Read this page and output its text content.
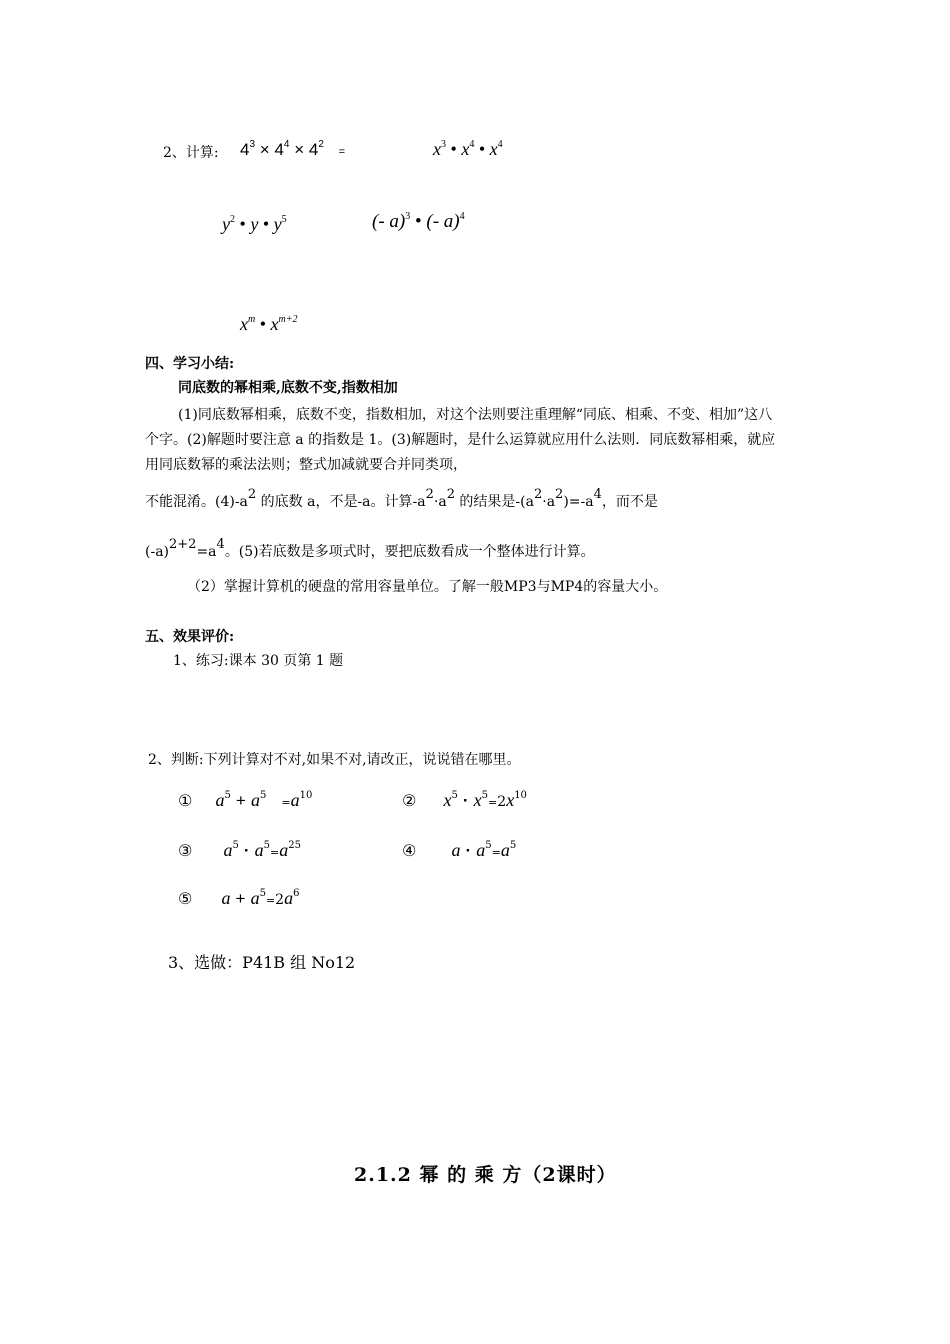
2、计算: $4^3 \times 4^4 \times 4^2$ =	$x^3$ • $x^4$ • $x^4$
$y^2$ • y • $y^5$	(- a)$^3$ • (- a)$^4$
$x^m$ • $x^{m+2}$
四、学习小结:
同底数的幂相乘,底数不变,指数相加
(1)同底数幂相乘，底数不变，指数相加，对这个法则要注重理解“同底、相乘、不变、相加”这八个字。(2)解题时要注意 a 的指数是 1。(3)解题时，是什么运算就应用什么法则．同底数幂相乘，就应用同底数幂的乘法法则；整式加减就要合并同类项，
不能混淆。$(4)-a^2$ 的底数 a，不是-a。计算$-a^2\cdot a^2$ 的结果是$-(a^2\cdot a^2)=-a^4$，而不是
$(-a)^{2+2}=a^4$。(5)若底数是多项式时，要把底数看成一个整体进行计算。
（2）掌握计算机的硬盘的常用容量单位。了解一般MP3与MP4的容量大小。
五、效果评价:
1、练习:课本 30 页第 1 题
2、判断:下列计算对不对,如果不对,请改正，说说错在哪里。
① $a^5 + a^5 =a^{10}$	② $x^5 \cdot x^5=2x^{10}$
③ $a^5 \cdot a^5=a^{25}$	④ $a \cdot a^5=a^5$
⑤ $a + a^5=2a^6$
3、选做：P41B 组 No12
2.1.2 幂 的 乘 方（2课时）
